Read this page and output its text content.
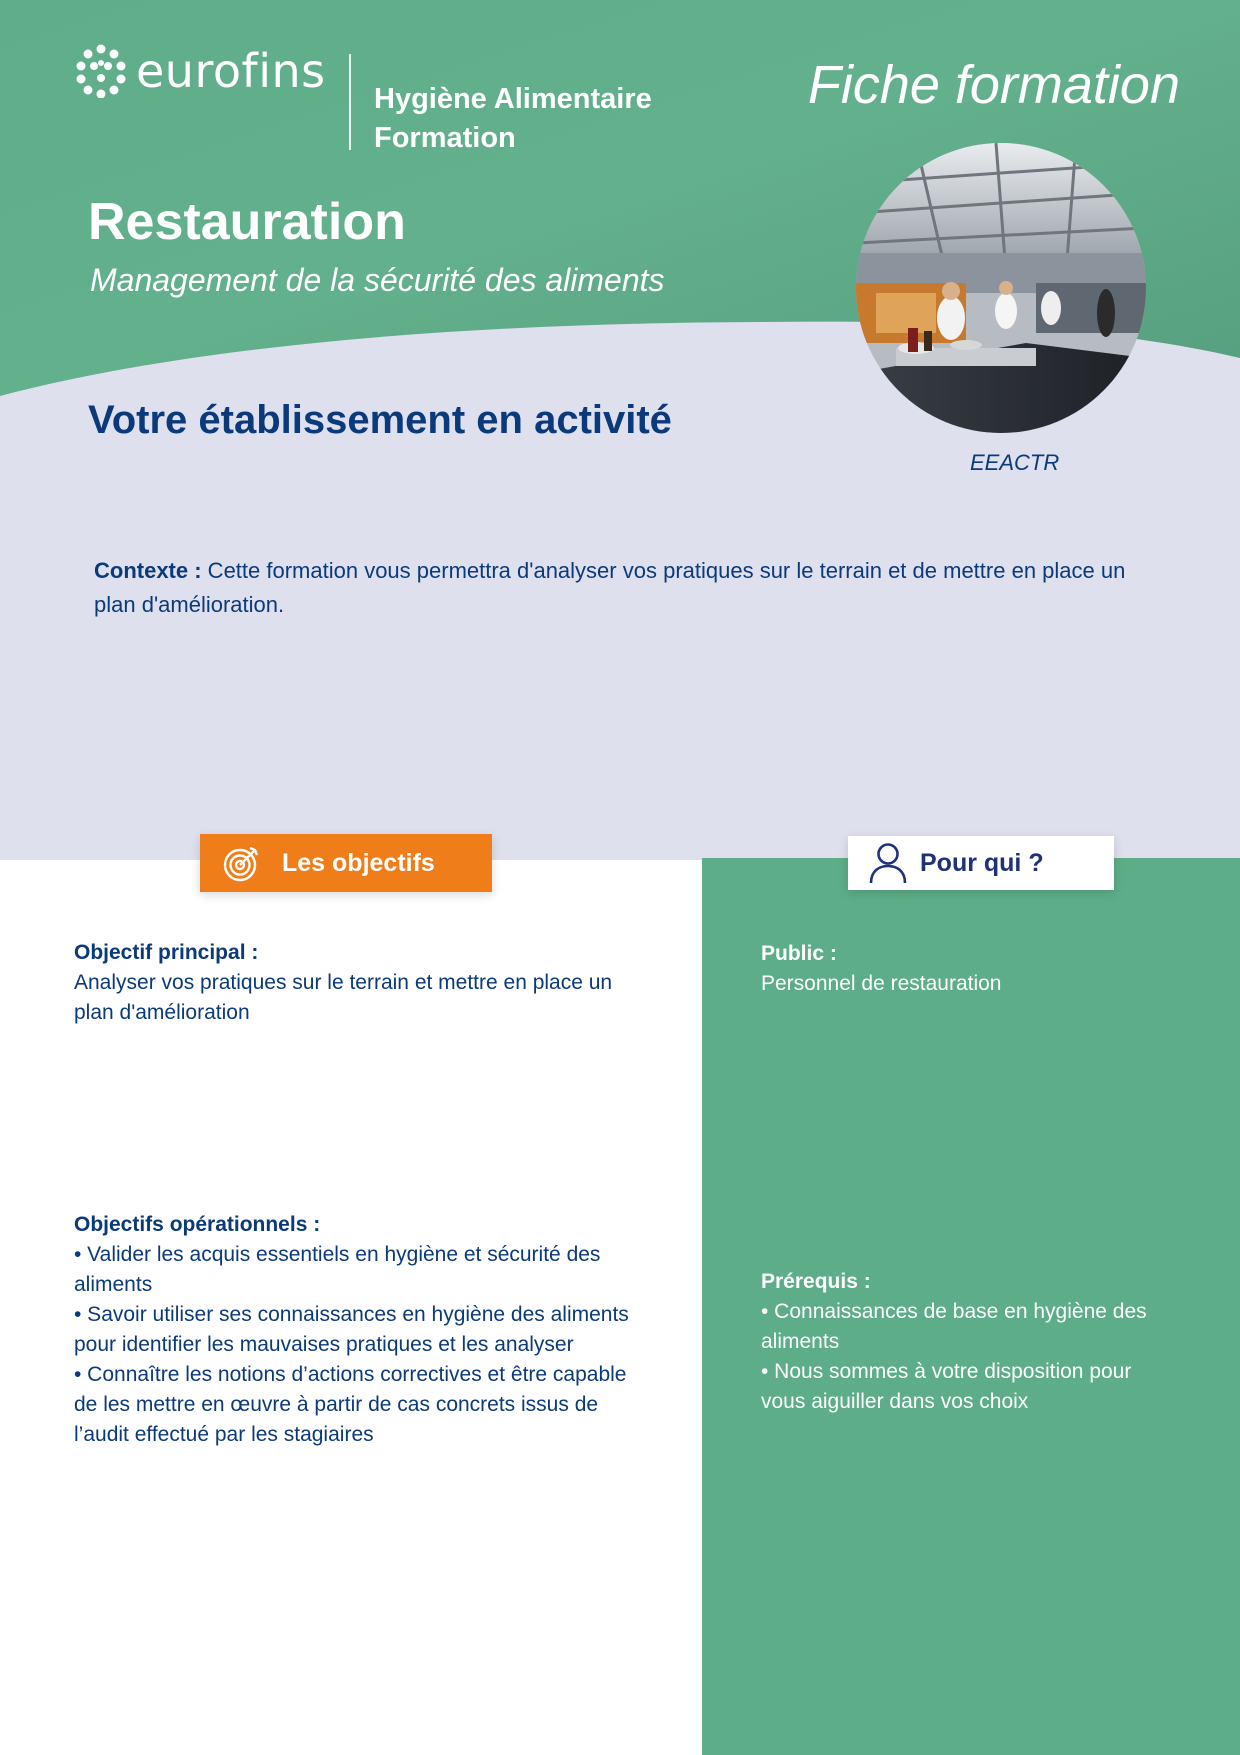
eurofins
Hygiène Alimentaire
Formation
Fiche formation
Restauration
Management de la sécurité des aliments
Votre établissement en activité
EEACTR
Contexte : Cette formation vous permettra d'analyser vos pratiques sur le terrain et de mettre en place un plan d'amélioration.
Les objectifs	Pour qui ?
Objectif principal :
Analyser vos pratiques sur le terrain et mettre en place un plan d'amélioration
Objectifs opérationnels :
• Valider les acquis essentiels en hygiène et sécurité des aliments
• Savoir utiliser ses connaissances en hygiène des aliments pour identifier les mauvaises pratiques et les analyser
• Connaître les notions d’actions correctives et être capable de les mettre en œuvre à partir de cas concrets issus de l’audit effectué par les stagiaires
Public :
Personnel de restauration
Prérequis :
• Connaissances de base en hygiène des aliments
• Nous sommes à votre disposition pour vous aiguiller dans vos choix
